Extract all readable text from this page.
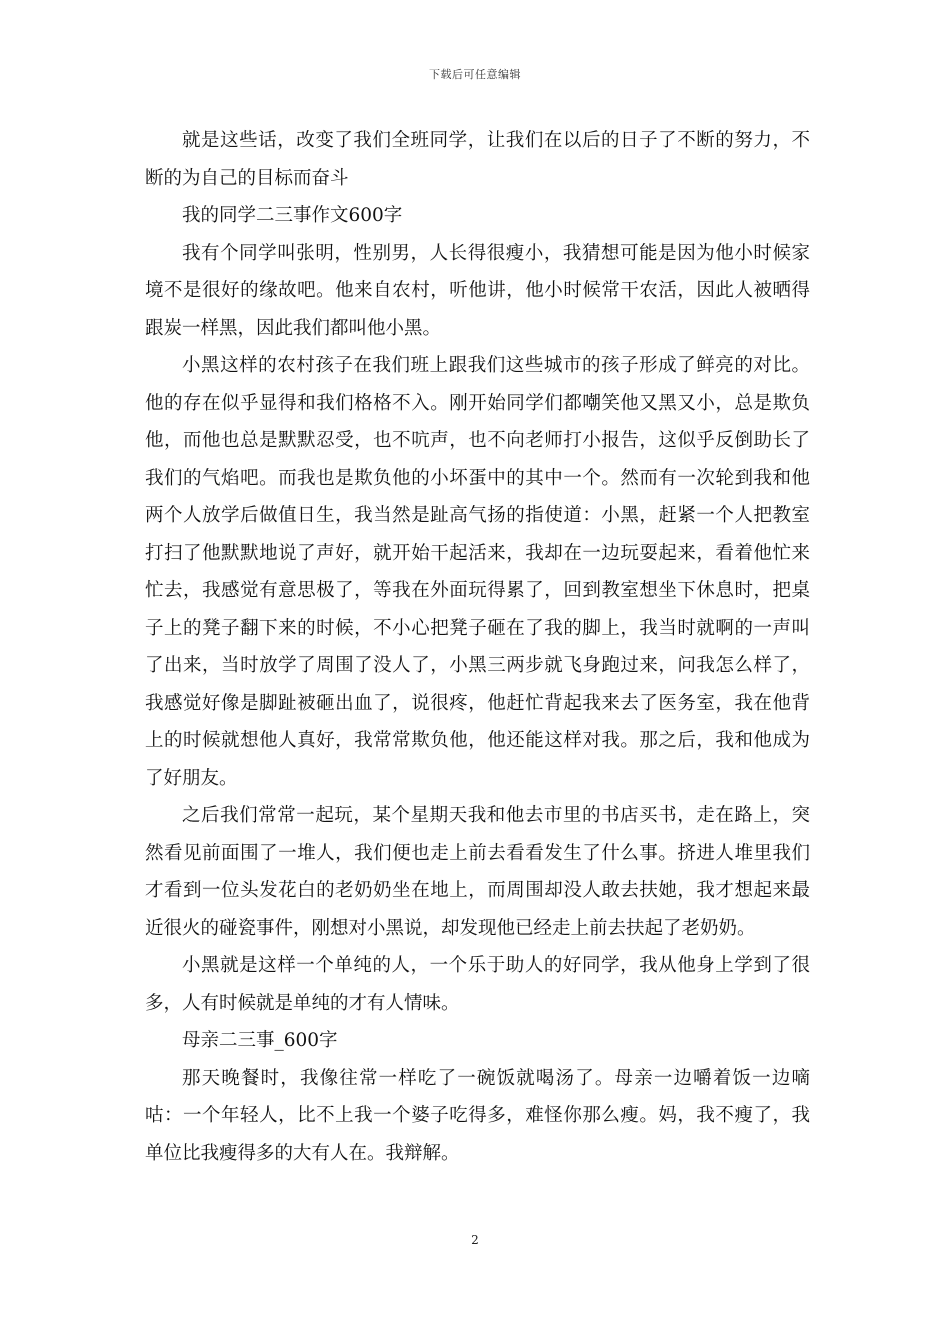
下载后可任意编辑

就是这些话，改变了我们全班同学，让我们在以后的日子了不断的努力，不断的为自己的目标而奋斗

我的同学二三事作文600字

我有个同学叫张明，性别男，人长得很瘦小，我猜想可能是因为他小时候家境不是很好的缘故吧。他来自农村，听他讲，他小时候常干农活，因此人被晒得跟炭一样黑，因此我们都叫他小黑。

小黑这样的农村孩子在我们班上跟我们这些城市的孩子形成了鲜亮的对比。他的存在似乎显得和我们格格不入。刚开始同学们都嘲笑他又黑又小，总是欺负他，而他也总是默默忍受，也不吭声，也不向老师打小报告，这似乎反倒助长了我们的气焰吧。而我也是欺负他的小坏蛋中的其中一个。然而有一次轮到我和他两个人放学后做值日生，我当然是趾高气扬的指使道：小黑，赶紧一个人把教室打扫了他默默地说了声好，就开始干起活来，我却在一边玩耍起来，看着他忙来忙去，我感觉有意思极了，等我在外面玩得累了，回到教室想坐下休息时，把桌子上的凳子翻下来的时候，不小心把凳子砸在了我的脚上，我当时就啊的一声叫了出来，当时放学了周围了没人了，小黑三两步就飞身跑过来，问我怎么样了，我感觉好像是脚趾被砸出血了，说很疼，他赶忙背起我来去了医务室，我在他背上的时候就想他人真好，我常常欺负他，他还能这样对我。那之后，我和他成为了好朋友。

之后我们常常一起玩，某个星期天我和他去市里的书店买书，走在路上，突然看见前面围了一堆人，我们便也走上前去看看发生了什么事。挤进人堆里我们才看到一位头发花白的老奶奶坐在地上，而周围却没人敢去扶她，我才想起来最近很火的碰瓷事件，刚想对小黑说，却发现他已经走上前去扶起了老奶奶。

小黑就是这样一个单纯的人，一个乐于助人的好同学，我从他身上学到了很多，人有时候就是单纯的才有人情味。

母亲二三事_600字

那天晚餐时，我像往常一样吃了一碗饭就喝汤了。母亲一边嚼着饭一边嘀咕：一个年轻人，比不上我一个婆子吃得多，难怪你那么瘦。妈，我不瘦了，我单位比我瘦得多的大有人在。我辩解。

2
